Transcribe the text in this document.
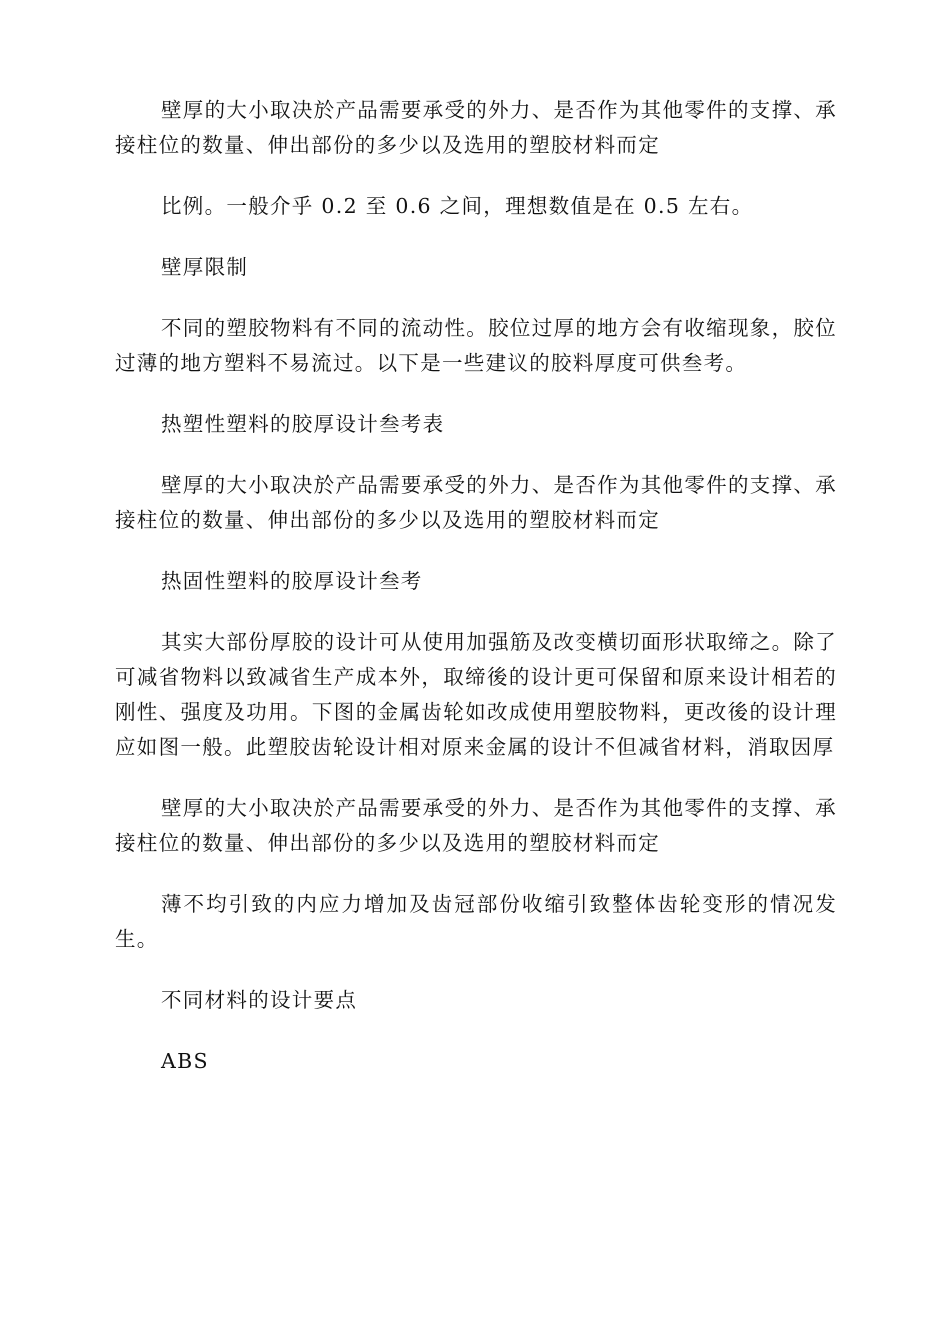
壁厚的大小取决於产品需要承受的外力、是否作为其他零件的支撑、承接柱位的数量、伸出部份的多少以及选用的塑胶材料而定

比例。一般介乎 0.2 至 0.6 之间，理想数值是在 0.5 左右。

壁厚限制

不同的塑胶物料有不同的流动性。胶位过厚的地方会有收缩现象，胶位过薄的地方塑料不易流过。以下是一些建议的胶料厚度可供叁考。

热塑性塑料的胶厚设计叁考表

壁厚的大小取决於产品需要承受的外力、是否作为其他零件的支撑、承接柱位的数量、伸出部份的多少以及选用的塑胶材料而定

热固性塑料的胶厚设计叁考

其实大部份厚胶的设计可从使用加强筋及改变横切面形状取缔之。除了可减省物料以致减省生产成本外，取缔後的设计更可保留和原来设计相若的刚性、强度及功用。下图的金属齿轮如改成使用塑胶物料，更改後的设计理应如图一般。此塑胶齿轮设计相对原来金属的设计不但减省材料，消取因厚

壁厚的大小取决於产品需要承受的外力、是否作为其他零件的支撑、承接柱位的数量、伸出部份的多少以及选用的塑胶材料而定

薄不均引致的内应力增加及齿冠部份收缩引致整体齿轮变形的情况发生。

不同材料的设计要点

ABS
